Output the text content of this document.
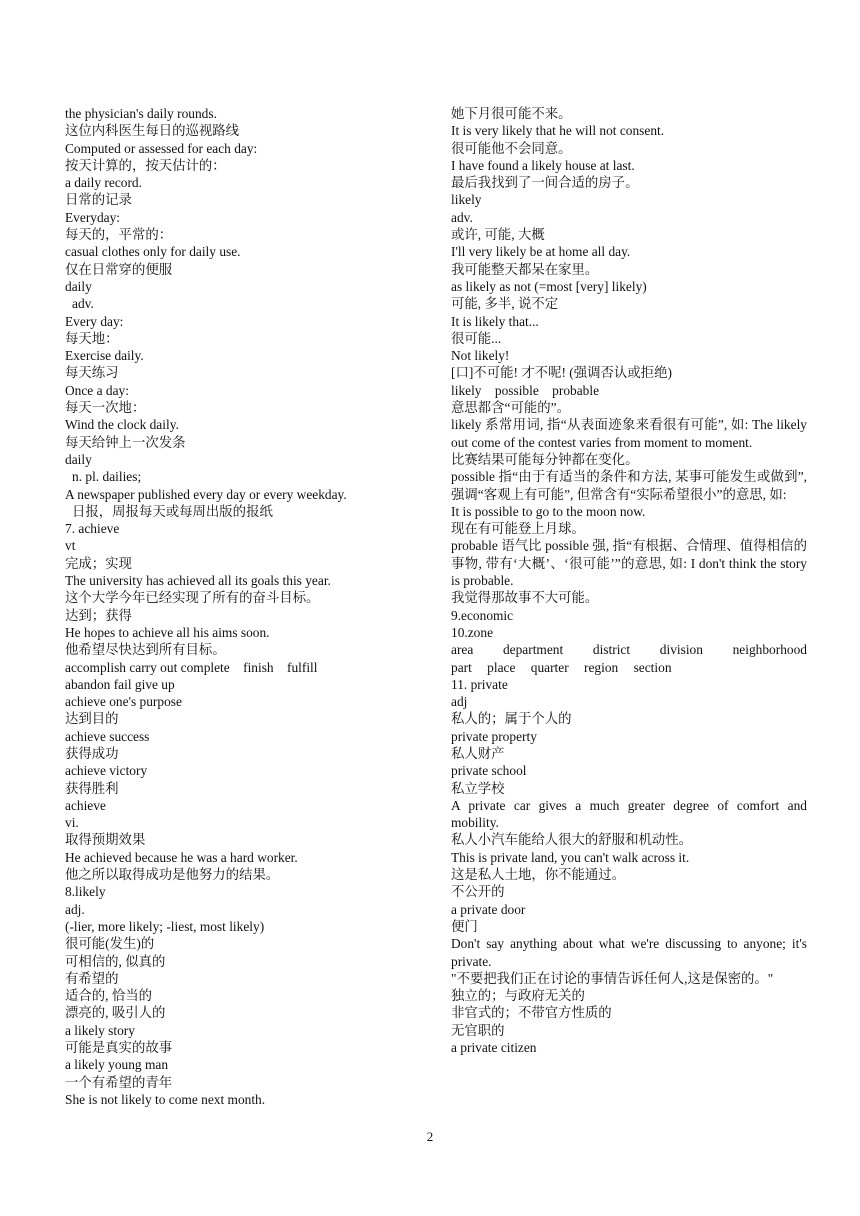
the physician's daily rounds.
这位内科医生每日的巡视路线
Computed or assessed for each day:
按天计算的，按天估计的：
a daily record.
日常的记录
Everyday:
每天的，平常的：
casual clothes only for daily use.
仅在日常穿的便服
daily
adv.
Every day:
每天地：
Exercise daily.
每天练习
Once a day:
每天一次地：
Wind the clock daily.
每天给钟上一次发条
daily
n. pl. dailies;
A newspaper published every day or every weekday.
日报，周报每天或每周出版的报纸
7. achieve
vt
完成；实现
The university has achieved all its goals this year.
这个大学今年已经实现了所有的奋斗目标。
达到；获得
He hopes to achieve all his aims soon.
他希望尽快达到所有目标。
accomplish carry out complete    finish    fulfill
abandon fail give up
achieve one's purpose
达到目的
achieve success
获得成功
achieve victory
获得胜利
achieve
vi.
取得预期效果
He achieved because he was a hard worker.
他之所以取得成功是他努力的结果。
8.likely
adj.
(-lier, more likely; -liest, most likely)
很可能(发生)的
可相信的, 似真的
有希望的
适合的, 恰当的
漂亮的, 吸引人的
a likely story
可能是真实的故事
a likely young man
一个有希望的青年
She is not likely to come next month.
她下月很可能不来。
It is very likely that he will not consent.
很可能他不会同意。
I have found a likely house at last.
最后我找到了一间合适的房子。
likely
adv.
或许, 可能, 大概
I'll very likely be at home all day.
我可能整天都呆在家里。
as likely as not (=most [very] likely)
可能, 多半, 说不定
It is likely that...
很可能...
Not likely!
[口]不可能! 才不呢! (强调否认或拒绝)
likely    possible    probable
意思都含“可能的”。
likely 系常用词, 指“从表面迹象来看很有可能”, 如: The likely out come of the contest varies from moment to moment.
比赛结果可能每分钟都在变化。
possible 指“由于有适当的条件和方法, 某事可能发生或做到”, 强调“客观上有可能”, 但常含有“实际希望很小”的意思, 如:
It is possible to go to the moon now.
现在有可能登上月球。
probable 语气比 possible 强, 指“有根据、合情理、值得相信的事物, 带有‘大概’、‘很可能’”的意思, 如: I don't think the story is probable.
我觉得那故事不大可能。
9.economic
10.zone
area department district division neighborhood
part place quarter region section
11. private
adj
私人的；属于个人的
private property
私人财产
private school
私立学校
A private car gives a much greater degree of comfort and mobility.
私人小汽车能给人很大的舒服和机动性。
This is private land, you can't walk across it.
这是私人土地，你不能通过。
不公开的
a private door
便门
Don't say anything about what we're discussing to anyone; it's private.
"不要把我们正在讨论的事情告诉任何人,这是保密的。"
独立的；与政府无关的
非官式的；不带官方性质的
无官职的
a private citizen
2
